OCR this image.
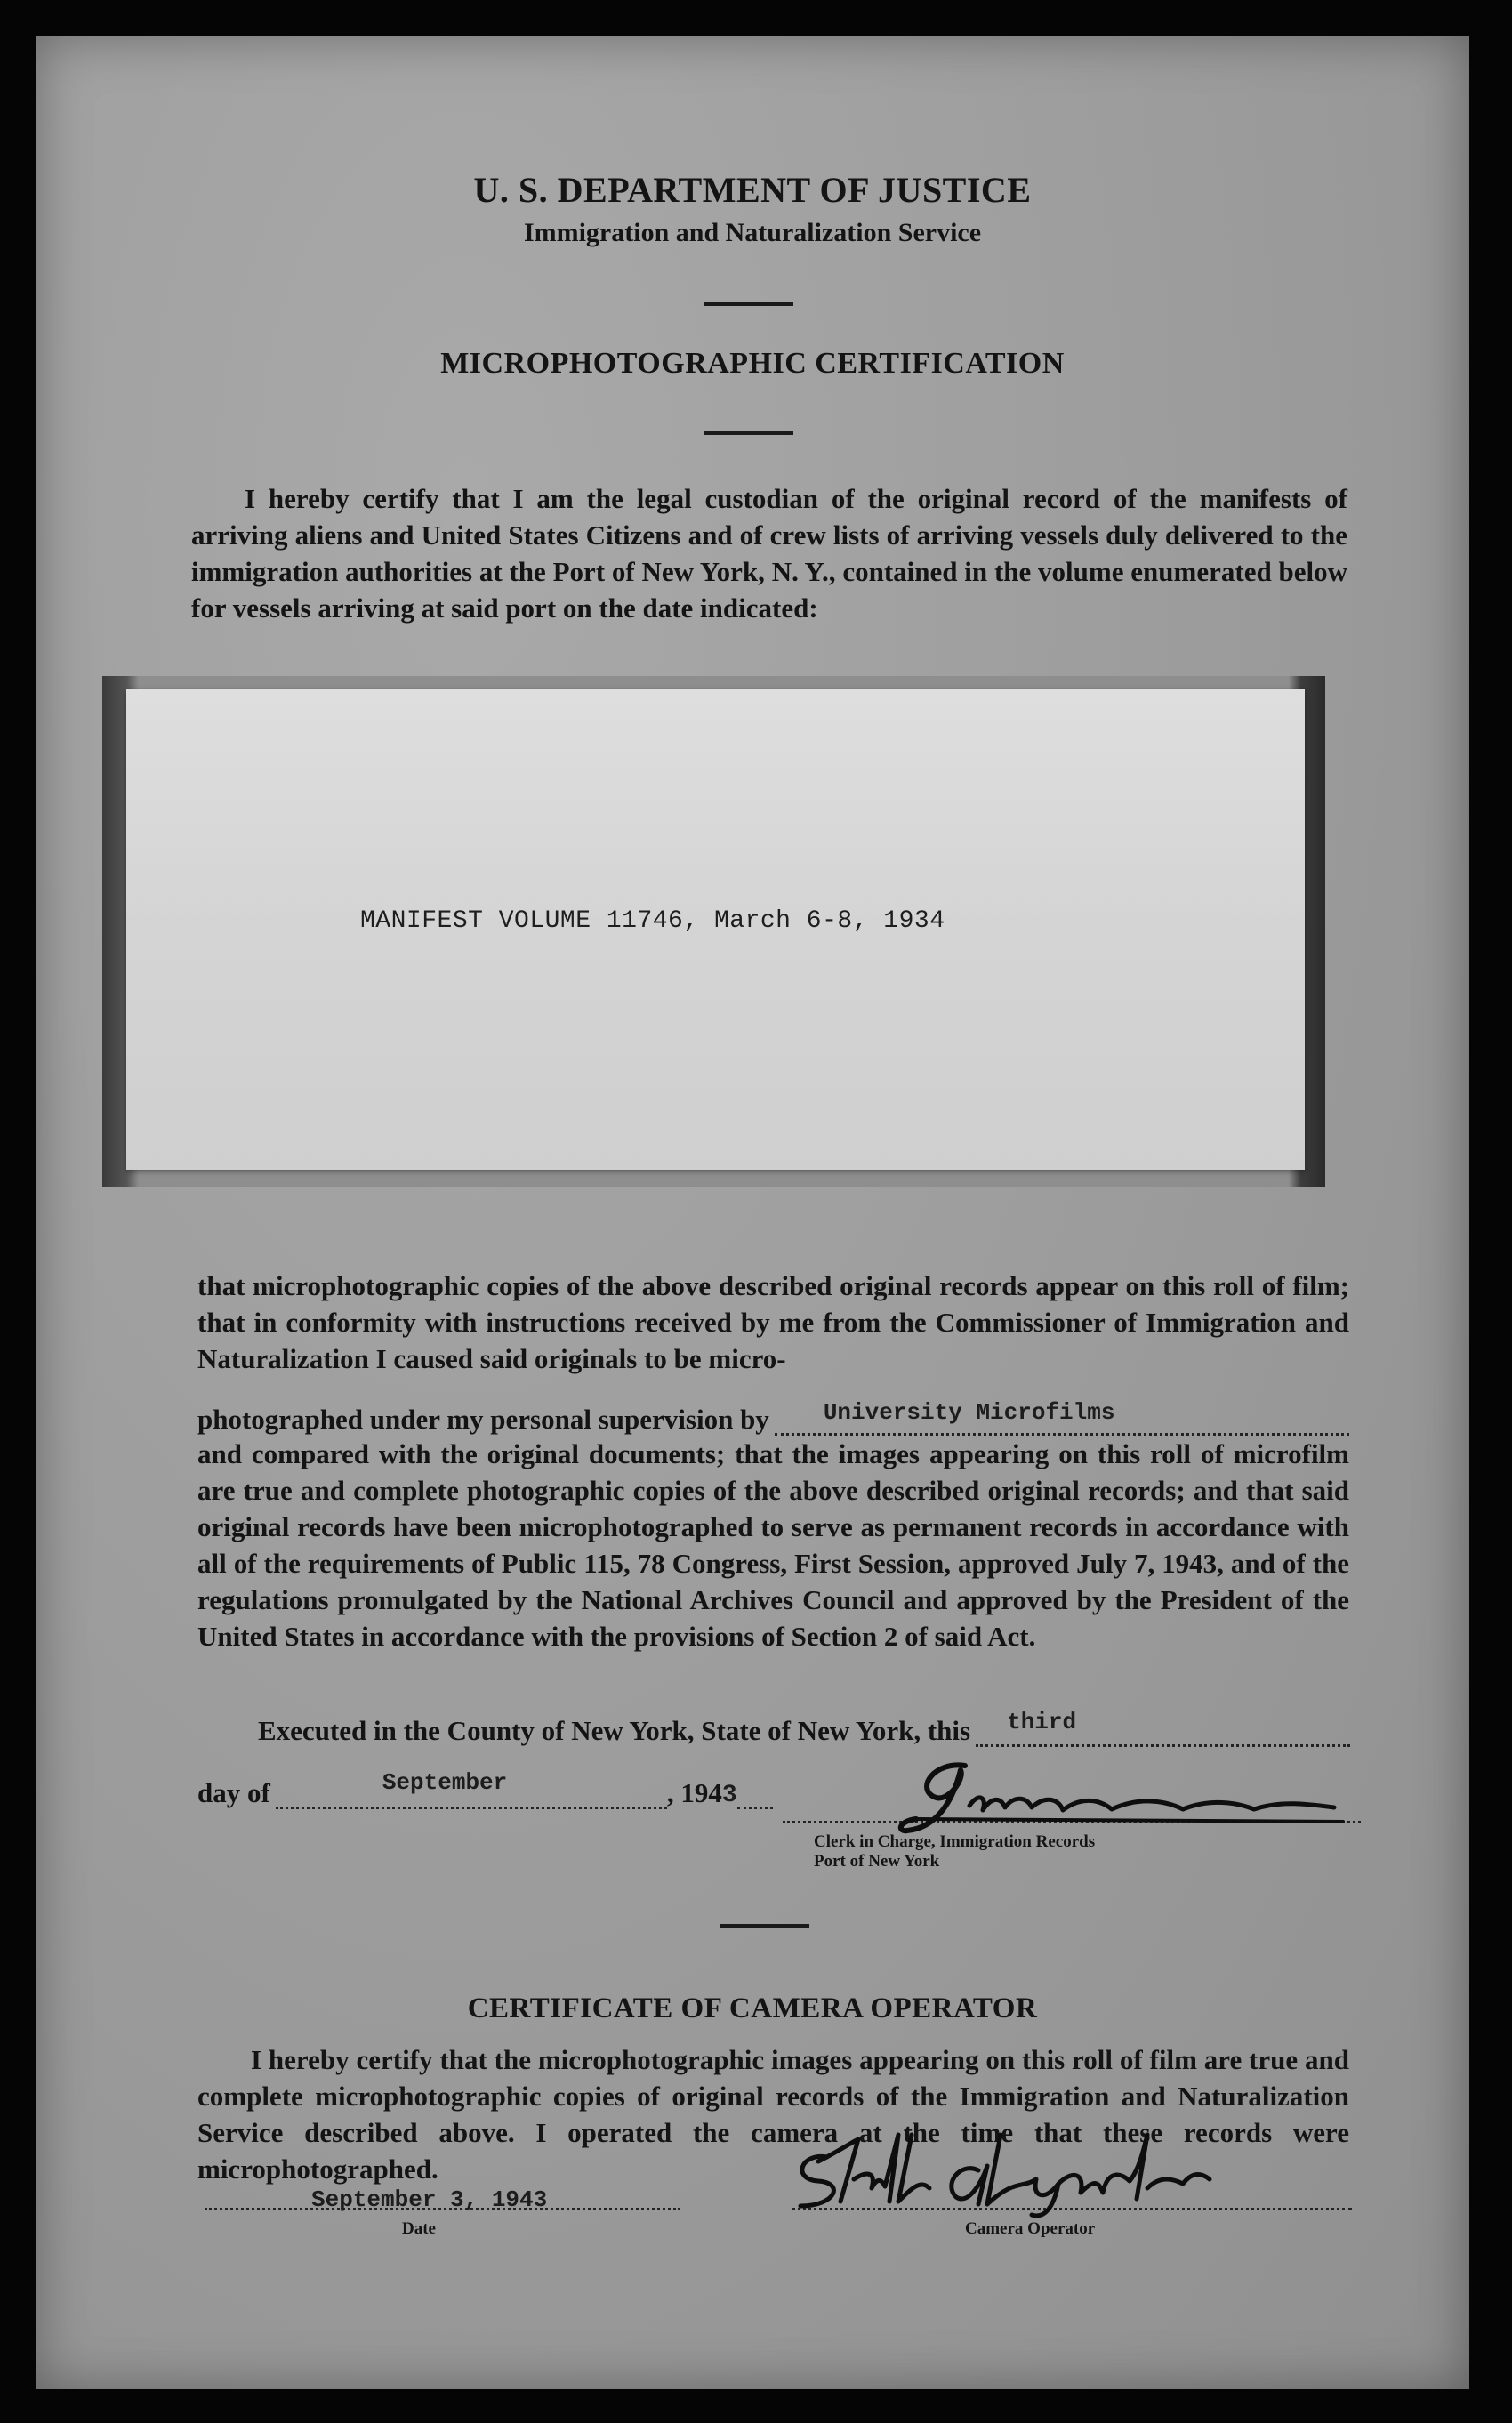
U. S. DEPARTMENT OF JUSTICE
Immigration and Naturalization Service
MICROPHOTOGRAPHIC CERTIFICATION
I hereby certify that I am the legal custodian of the original record of the manifests of arriving aliens and United States Citizens and of crew lists of arriving vessels duly delivered to the immigration authorities at the Port of New York, N. Y., contained in the volume enumerated below for vessels arriving at said port on the date indicated:
MANIFEST VOLUME 11746, March 6-8, 1934
that microphotographic copies of the above described original records appear on this roll of film; that in conformity with instructions received by me from the Commissioner of Immigration and Naturalization I caused said originals to be micro-
photographed under my personal supervision by University Microfilms
and compared with the original documents; that the images appearing on this roll of microfilm are true and complete photographic copies of the above described original records; and that said original records have been microphotographed to serve as permanent records in accordance with all of the requirements of Public 115, 78 Congress, First Session, approved July 7, 1943, and of the regulations promulgated by the National Archives Council and approved by the President of the United States in accordance with the provisions of Section 2 of said Act.
Executed in the County of New York, State of New York, this third
day of	September	, 194 3
Clerk in Charge, Immigration Records
Port of New York
CERTIFICATE OF CAMERA OPERATOR
I hereby certify that the microphotographic images appearing on this roll of film are true and complete microphotographic copies of original records of the Immigration and Naturalization Service described above. I operated the camera at the time that these records were microphotographed.
September 3, 1943
Date	Camera Operator
